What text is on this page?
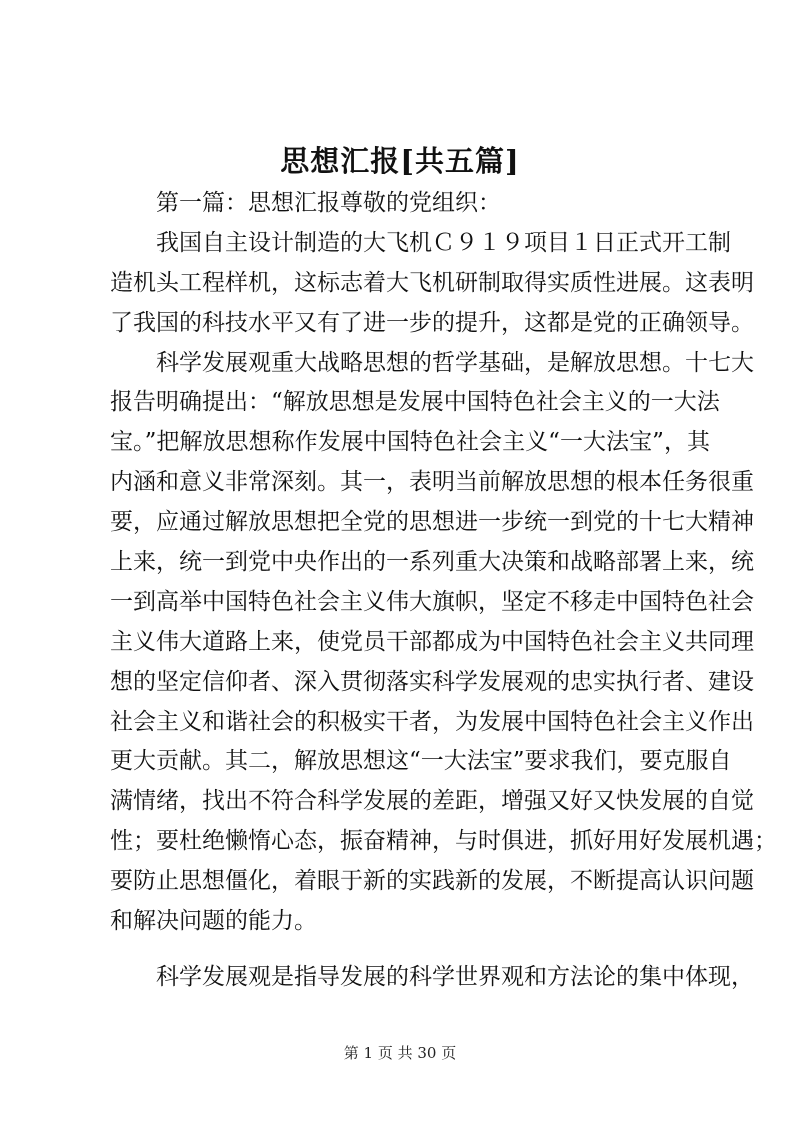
思想汇报[共五篇]
第一篇：思想汇报尊敬的党组织：
我国自主设计制造的大飞机Ｃ９１９项目１日正式开工制
造机头工程样机，这标志着大飞机研制取得实质性进展。这表明
了我国的科技水平又有了进一步的提升，这都是党的正确领导。
科学发展观重大战略思想的哲学基础，是解放思想。十七大
报告明确提出：“解放思想是发展中国特色社会主义的一大法
宝。”把解放思想称作发展中国特色社会主义“一大法宝”，其
内涵和意义非常深刻。其一，表明当前解放思想的根本任务很重
要，应通过解放思想把全党的思想进一步统一到党的十七大精神
上来，统一到党中央作出的一系列重大决策和战略部署上来，统
一到高举中国特色社会主义伟大旗帜，坚定不移走中国特色社会
主义伟大道路上来，使党员干部都成为中国特色社会主义共同理
想的坚定信仰者、深入贯彻落实科学发展观的忠实执行者、建设
社会主义和谐社会的积极实干者，为发展中国特色社会主义作出
更大贡献。其二，解放思想这“一大法宝”要求我们，要克服自
满情绪，找出不符合科学发展的差距，增强又好又快发展的自觉
性；要杜绝懒惰心态，振奋精神，与时俱进，抓好用好发展机遇；
要防止思想僵化，着眼于新的实践新的发展，不断提高认识问题
和解决问题的能力。
科学发展观是指导发展的科学世界观和方法论的集中体现，
第 1 页 共 30 页
